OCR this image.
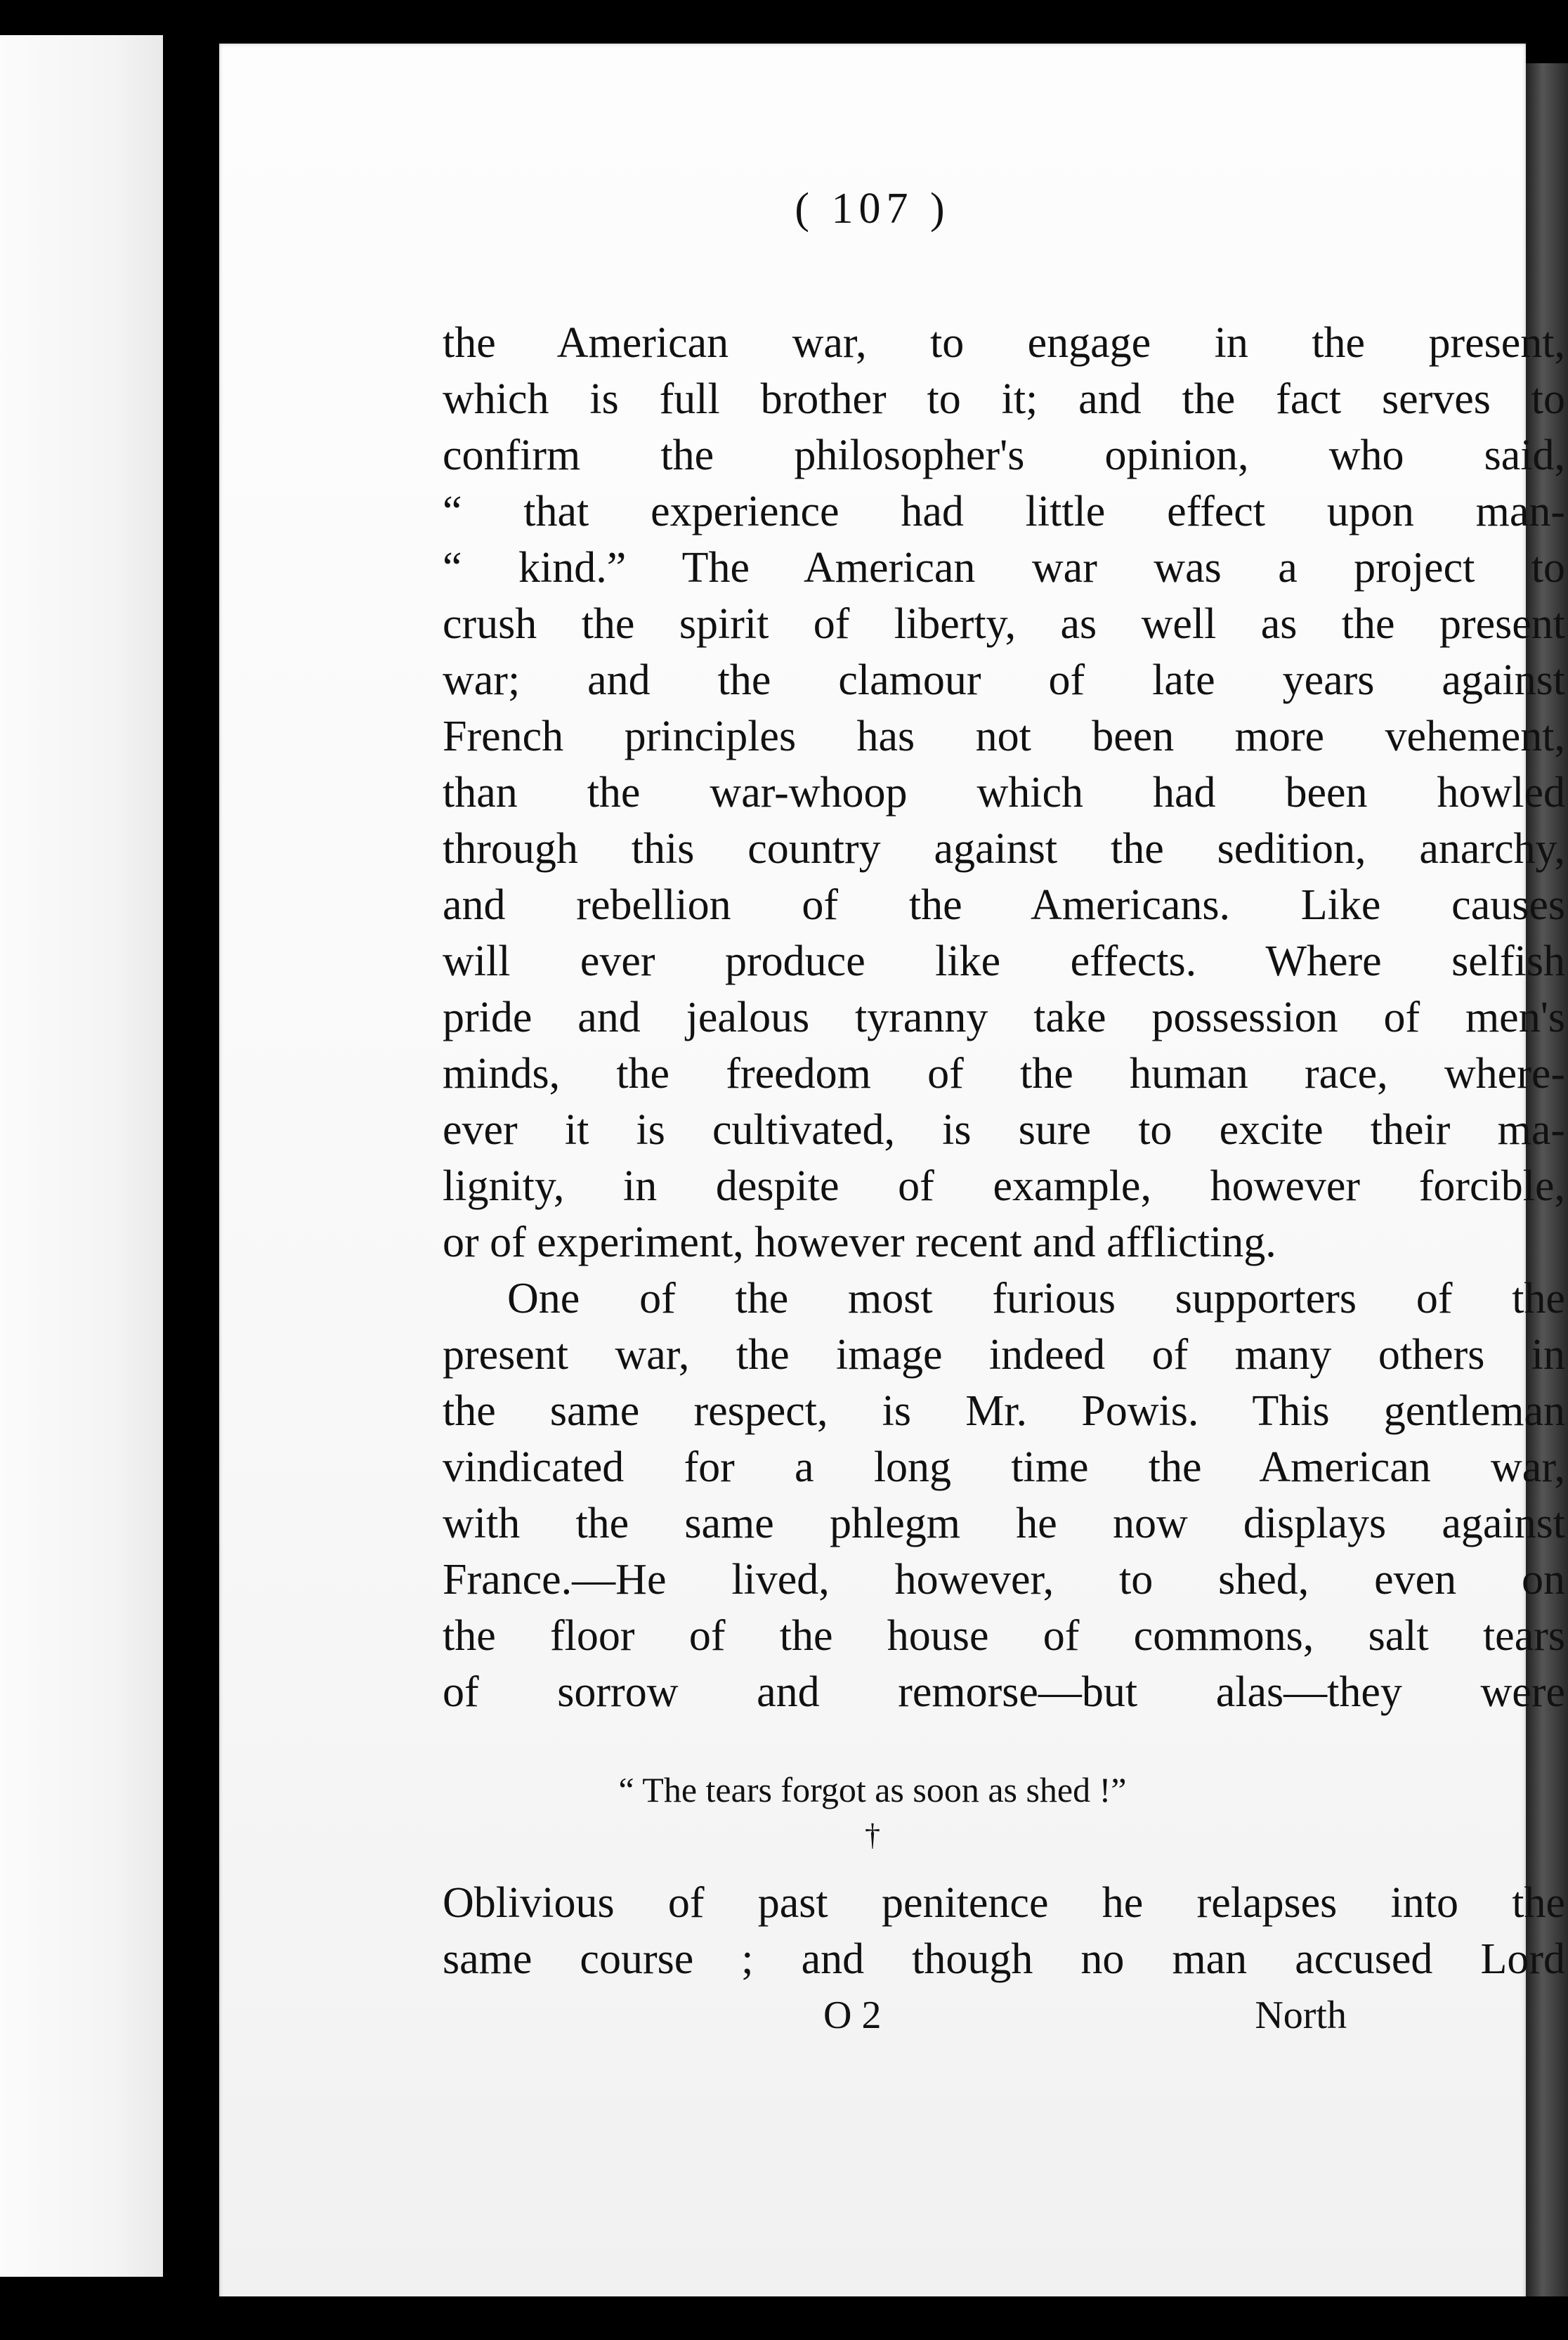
( 107 )
the American war, to engage in the present,
which is full brother to it; and the fact serves to
confirm the philosopher's opinion, who said,
“ that experience had little effect upon man-
“ kind.” The American war was a project to
crush the spirit of liberty, as well as the present
war; and the clamour of late years against
French principles has not been more vehement,
than the war-whoop which had been howled
through this country against the sedition, anarchy,
and rebellion of the Americans. Like causes
will ever produce like effects. Where selfish
pride and jealous tyranny take possession of men's
minds, the freedom of the human race, where-
ever it is cultivated, is sure to excite their ma-
lignity, in despite of example, however forcible,
or of experiment, however recent and afflicting.
One of the most furious supporters of the
present war, the image indeed of many others in
the same respect, is Mr. Powis. This gentleman
vindicated for a long time the American war,
with the same phlegm he now displays against
France.—He lived, however, to shed, even on
the floor of the house of commons, salt tears
of sorrow and remorse—but alas—they were
“ The tears forgot as soon as shed !”
†
Oblivious of past penitence he relapses into the
same course ; and though no man accused Lord
O 2	North
